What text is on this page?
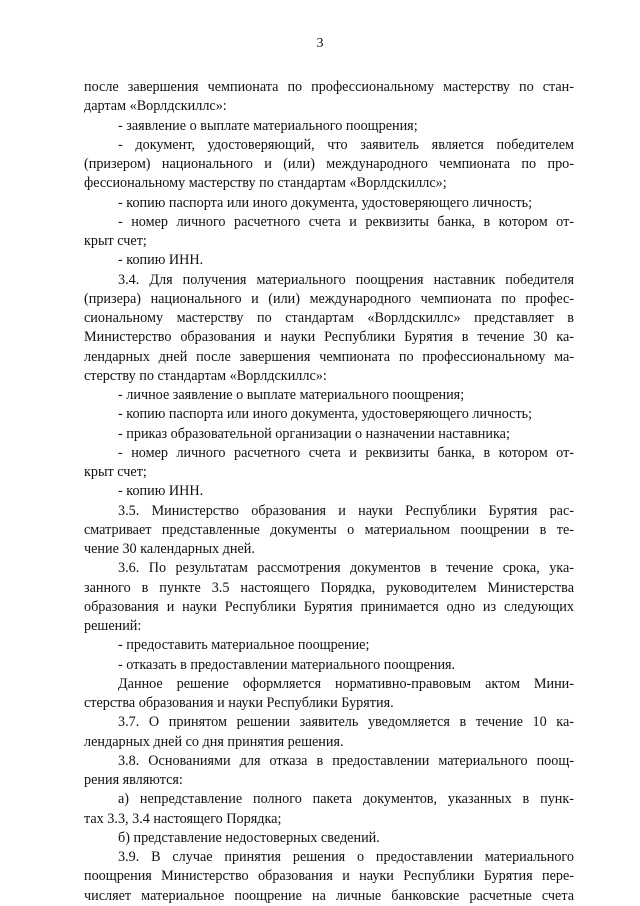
3
после завершения чемпионата по профессиональному мастерству по стан-
дартам «Ворлдскиллс»:
- заявление о выплате материального поощрения;
- документ, удостоверяющий, что заявитель является победителем
(призером) национального и (или) международного чемпионата по про-
фессиональному мастерству по стандартам «Ворлдскиллс»;
- копию паспорта или иного документа, удостоверяющего личность;
- номер личного расчетного счета и реквизиты банка, в котором от-
крыт счет;
- копию ИНН.
3.4. Для получения материального поощрения наставник победителя
(призера) национального и (или) международного чемпионата по профес-
сиональному мастерству по стандартам «Ворлдскиллс» представляет в
Министерство образования и науки Республики Бурятия в течение 30 ка-
лендарных дней после завершения чемпионата по профессиональному ма-
стерству по стандартам «Ворлдскиллс»:
- личное заявление о выплате материального поощрения;
- копию паспорта или иного документа, удостоверяющего личность;
- приказ образовательной организации о назначении наставника;
- номер личного расчетного счета и реквизиты банка, в котором от-
крыт счет;
- копию ИНН.
3.5. Министерство образования и науки Республики Бурятия рас-
сматривает представленные документы о материальном поощрении в те-
чение 30 календарных дней.
3.6. По результатам рассмотрения документов в течение срока, ука-
занного в пункте 3.5 настоящего Порядка, руководителем Министерства
образования и науки Республики Бурятия принимается одно из следующих
решений:
- предоставить материальное поощрение;
- отказать в предоставлении материального поощрения.
Данное решение оформляется нормативно-правовым актом Мини-
стерства образования и науки Республики Бурятия.
3.7. О принятом решении заявитель уведомляется в течение 10 ка-
лендарных дней со дня принятия решения.
3.8. Основаниями для отказа в предоставлении материального поощ-
рения являются:
а) непредставление полного пакета документов, указанных в пунк-
тах 3.3, 3.4 настоящего Порядка;
б) представление недостоверных сведений.
3.9. В случае принятия решения о предоставлении материального
поощрения Министерство образования и науки Республики Бурятия пере-
числяет материальное поощрение на личные банковские расчетные счета
